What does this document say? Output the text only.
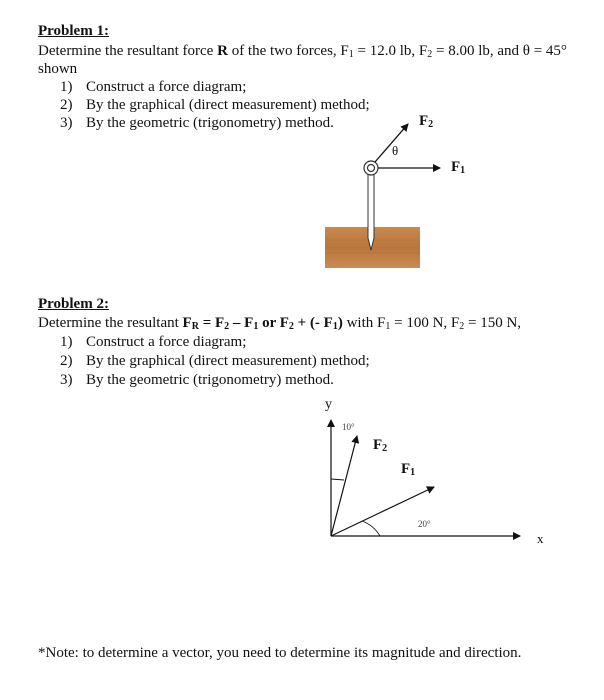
Problem 1:
Determine the resultant force R of the two forces, $F_1 = 12.0$ lb, $F_2 = 8.00$ lb, and θ = 45°
shown
1) Construct a force diagram;
2) By the graphical (direct measurement) method;
3) By the geometric (trigonometry) method.	$F_2$
θ
$F_1$
Problem 2:
Determine the resultant $F_R = F_2 - F_1$ or $F_2$ + (- $F_1$) with $F_1 = 100$ N, $F_2 = 150$ N,
1) Construct a force diagram;
2) By the graphical (direct measurement) method;
3) By the geometric (trigonometry) method.
y
10°
$F_2$
$F_1$
20°
x
*Note: to determine a vector, you need to determine its magnitude and direction.
